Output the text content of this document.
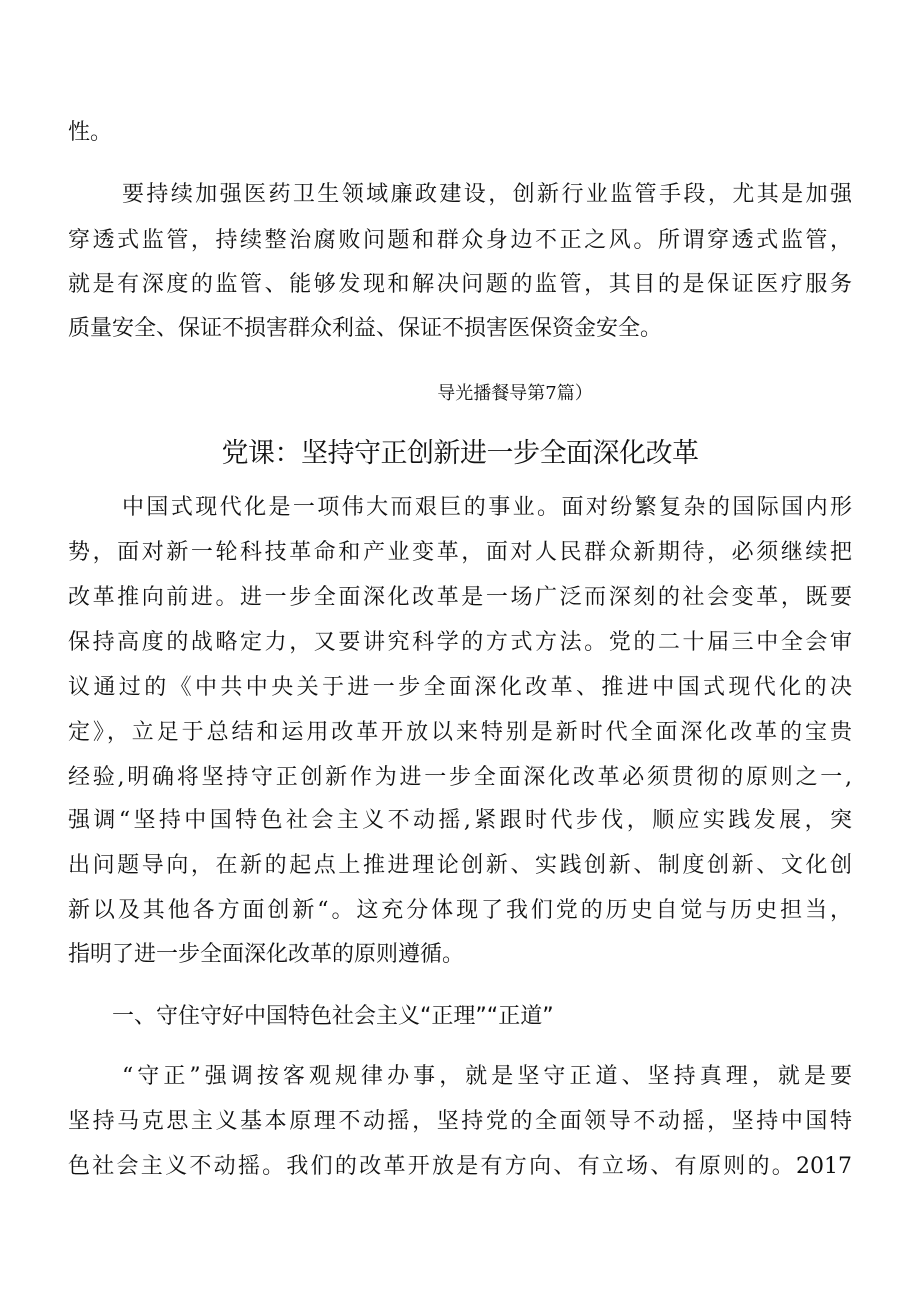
性。
要持续加强医药卫生领域廉政建设，创新行业监管手段，尤其是加强
穿透式监管，持续整治腐败问题和群众身边不正之风。所谓穿透式监管，
就是有深度的监管、能够发现和解决问题的监管，其目的是保证医疗服务
质量安全、保证不损害群众利益、保证不损害医保资金安全。
导光播餐导第7篇）
党课：坚持守正创新进一步全面深化改革
中国式现代化是一项伟大而艰巨的事业。面对纷繁复杂的国际国内形
势，面对新一轮科技革命和产业变革，面对人民群众新期待，必须继续把
改革推向前进。进一步全面深化改革是一场广泛而深刻的社会变革，既要
保持高度的战略定力，又要讲究科学的方式方法。党的二十届三中全会审
议通过的《中共中央关于进一步全面深化改革、推进中国式现代化的决
定》，立足于总结和运用改革开放以来特别是新时代全面深化改革的宝贵
经验,明确将坚持守正创新作为进一步全面深化改革必须贯彻的原则之一,
强调“坚持中国特色社会主义不动摇,紧跟时代步伐，顺应实践发展，突
出问题导向，在新的起点上推进理论创新、实践创新、制度创新、文化创
新以及其他各方面创新“。这充分体现了我们党的历史自觉与历史担当，
指明了进一步全面深化改革的原则遵循。
一、守住守好中国特色社会主义“正理”“正道”
“守正”强调按客观规律办事，就是坚守正道、坚持真理，就是要
坚持马克思主义基本原理不动摇，坚持党的全面领导不动摇，坚持中国特
色社会主义不动摇。我们的改革开放是有方向、有立场、有原则的。2017
